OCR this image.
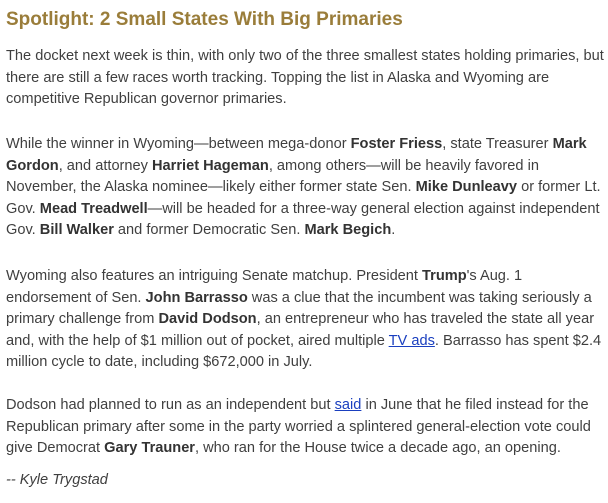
Spotlight: 2 Small States With Big Primaries

The docket next week is thin, with only two of the three smallest states holding primaries, but there are still a few races worth tracking. Topping the list in Alaska and Wyoming are competitive Republican governor primaries.

While the winner in Wyoming—between mega-donor Foster Friess, state Treasurer Mark Gordon, and attorney Harriet Hageman, among others—will be heavily favored in November, the Alaska nominee—likely either former state Sen. Mike Dunleavy or former Lt. Gov. Mead Treadwell—will be headed for a three-way general election against independent Gov. Bill Walker and former Democratic Sen. Mark Begich.

Wyoming also features an intriguing Senate matchup. President Trump's Aug. 1 endorsement of Sen. John Barrasso was a clue that the incumbent was taking seriously a primary challenge from David Dodson, an entrepreneur who has traveled the state all year and, with the help of $1 million out of pocket, aired multiple TV ads. Barrasso has spent $2.4 million cycle to date, including $672,000 in July.

Dodson had planned to run as an independent but said in June that he filed instead for the Republican primary after some in the party worried a splintered general-election vote could give Democrat Gary Trauner, who ran for the House twice a decade ago, an opening.

-- Kyle Trygstad
